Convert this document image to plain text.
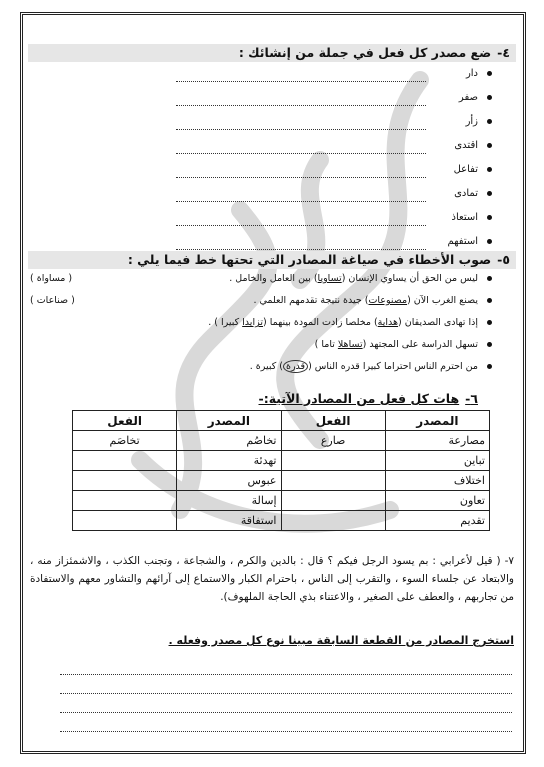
٤-ضع مصدر كل فعل في جملة من إنشائك :
دار
صفر
زأر
اقتدى
تفاعل
تمادى
استعاذ
استفهم
٥-صوب الأخطاء في صياغة المصادر التي تحتها خط فيما يلي :
ليس من الحق أن يساوي الإنسان (تساويا) بين العامل والخامل .
( مساواة )
يصنع الغرب الآن (مصنوعات) جيدة نتيجة تقدمهم العلمي .
( صناعات )
إذا تهادى الصديقان (هداية) مخلصا زادت المودة بينهما (تزايدا كبيرا ) .
تسهل الدراسة على المجتهد (تساهلا تاما )
من احترم الناس احتراما كبيرا قدره الناس (قدرة) كبيرة .
٦-هات كل فعل من المصادر الآتية:-
المصدر	الفعل	المصدر	الفعل
مصارعة	صارع	تخاصُم	تخاصَم
تباين		تهدئة	
اختلاف		عبوس	
تعاون		إسالة	
تقديم		استفاقة	
٧- ( قيل لأعرابي : بم يسود الرجل فيكم ؟ قال : بالدين والكرم ، والشجاعة ، وتجنب الكذب ، والاشمئزاز منه ، والابتعاد عن جلساء السوء ، والتقرب إلى الناس ، باحترام الكبار والاستماع إلى آرائهم والتشاور معهم والاستفادة من تجاربهم ، والعطف على الصغير ، والاعتناء بذي الحاجة الملهوف).
استخرج المصادر من القطعة السابقة مبينا نوع كل مصدر وفعله .
